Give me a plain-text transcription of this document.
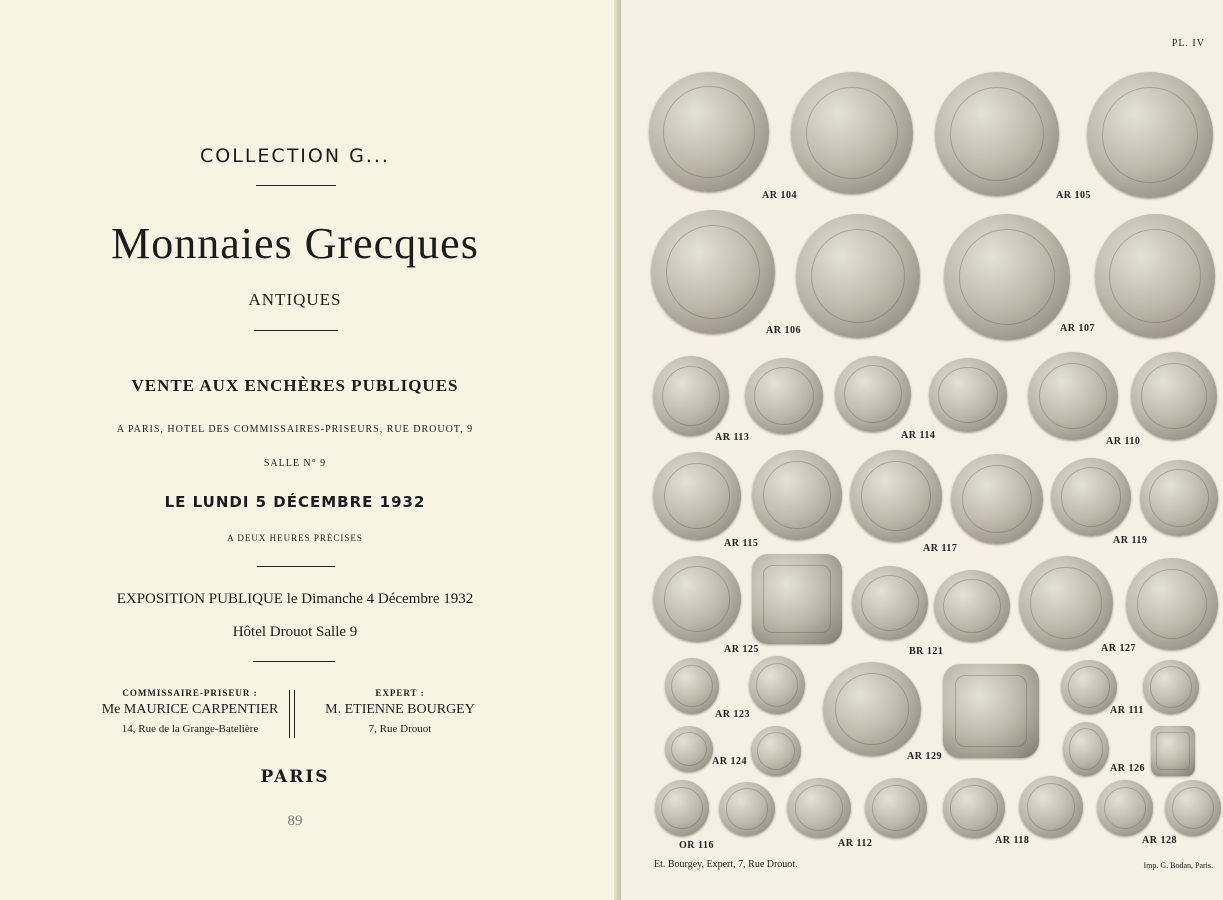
COLLECTION G...
Monnaies Grecques
ANTIQUES
VENTE AUX ENCHÈRES PUBLIQUES
A PARIS, HOTEL DES COMMISSAIRES-PRISEURS, RUE DROUOT, 9
SALLE N° 9
LE LUNDI 5 DÉCEMBRE 1932
A DEUX HEURES PRÉCISES
EXPOSITION PUBLIQUE le Dimanche 4 Décembre 1932
Hôtel Drouot Salle 9
COMMISSAIRE-PRISEUR :
Me MAURICE CARPENTIER
14, Rue de la Grange-Batelière
EXPERT :
M. ETIENNE BOURGEY
7, Rue Drouot
PARIS
89
PL. IV
AR 104	AR 105
AR 106	AR 107
AR 113	AR 114
AR 110
AR 115	AR 117
AR 119
AR 125	BR 121	AR 127
AR 123	AR 111
AR 129
AR 124
AR 126
OR 116	AR 112	AR 118	AR 128
Et. Bourgey, Expert, 7, Rue Drouot.	Imp. G. Bodan, Paris.
